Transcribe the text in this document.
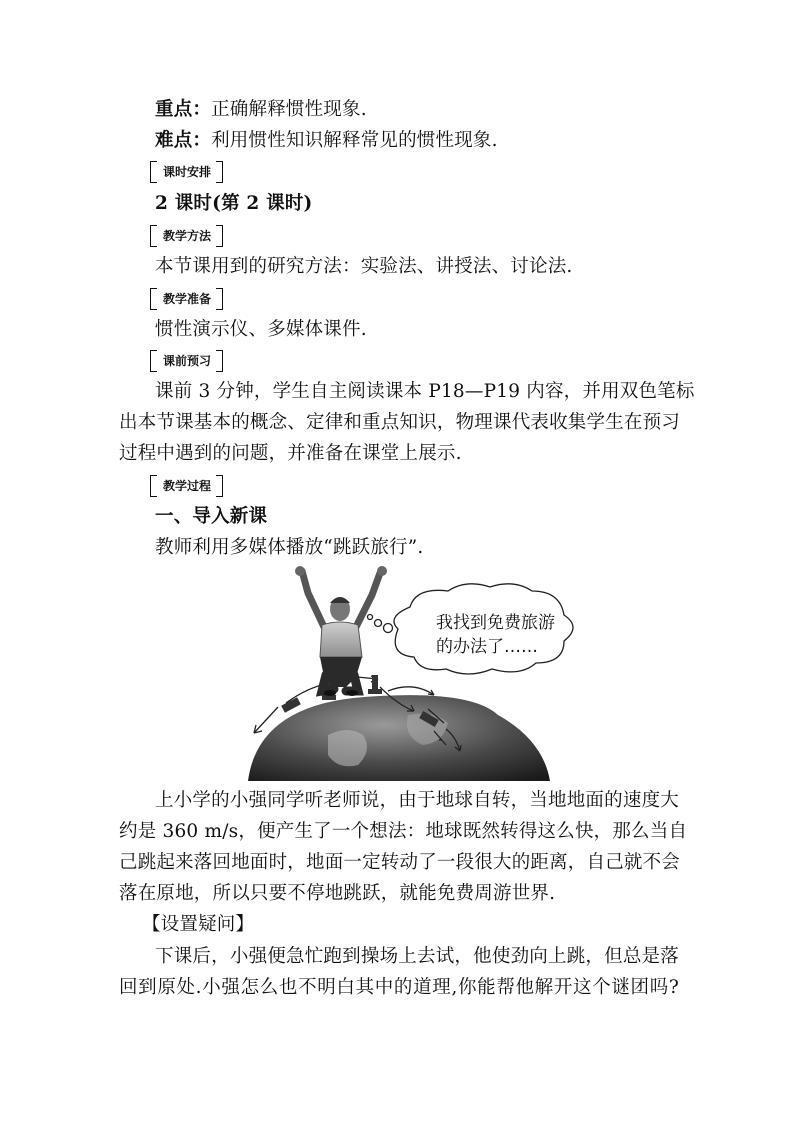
重点：正确解释惯性现象.
难点：利用惯性知识解释常见的惯性现象.
课时安排
2 课时(第 2 课时)
教学方法
本节课用到的研究方法：实验法、讲授法、讨论法.
教学准备
惯性演示仪、多媒体课件.
课前预习
课前 3 分钟，学生自主阅读课本 P18—P19 内容，并用双色笔标
出本节课基本的概念、定律和重点知识，物理课代表收集学生在预习
过程中遇到的问题，并准备在课堂上展示.
教学过程
一、导入新课
教师利用多媒体播放“跳跃旅行”.
我找到免费旅游
的办法了……
上小学的小强同学听老师说，由于地球自转，当地地面的速度大
约是 360 m/s，便产生了一个想法：地球既然转得这么快，那么当自
己跳起来落回地面时，地面一定转动了一段很大的距离，自己就不会
落在原地，所以只要不停地跳跃，就能免费周游世界.
【设置疑问】
下课后，小强便急忙跑到操场上去试，他使劲向上跳，但总是落
回到原处.小强怎么也不明白其中的道理,你能帮他解开这个谜团吗?
